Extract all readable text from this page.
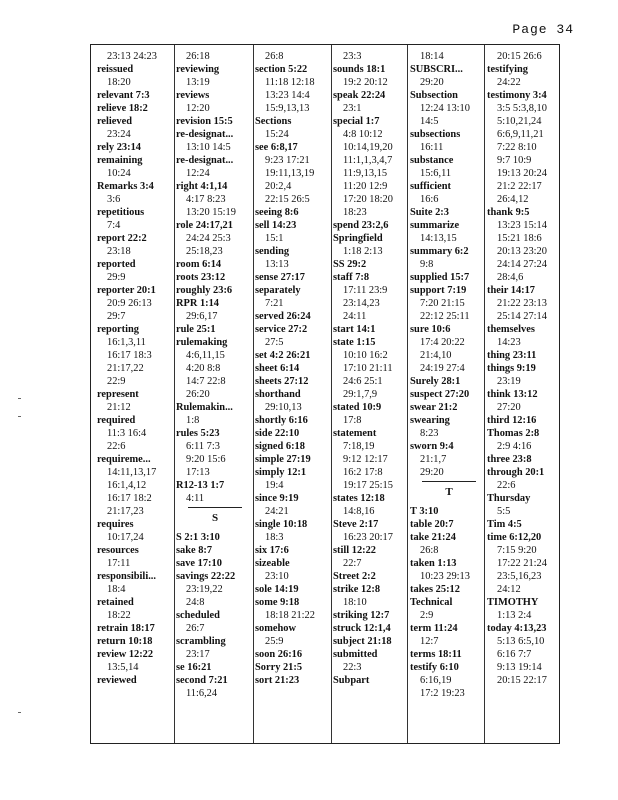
Page 34
23:13 24:23
reissued
18:20
relevant 7:3
relieve 18:2
relieved
23:24
rely 23:14
remaining
10:24
Remarks 3:4
3:6
repetitious
7:4
report 22:2
23:18
reported
29:9
reporter 20:1
20:9 26:13
29:7
reporting
16:1,3,11
16:17 18:3
21:17,22
22:9
represent
21:12
required
11:3 16:4
22:6
requireme...
14:11,13,17
16:1,4,12
16:17 18:2
21:17,23
requires
10:17,24
resources
17:11
responsibili...
18:4
retained
18:22
retrain 18:17
return 10:18
review 12:22
13:5,14
reviewed
26:18
reviewing
13:19
reviews
12:20
revision 15:5
re-designat...
13:10 14:5
re-designat...
12:24
right 4:1,14
4:17 8:23
13:20 15:19
role 24:17,21
24:24 25:3
25:18,23
room 6:14
roots 23:12
roughly 23:6
RPR 1:14
29:6,17
rule 25:1
rulemaking
4:6,11,15
4:20 8:8
14:7 22:8
26:20
Rulemakin...
1:8
rules 5:23
6:11 7:3
9:20 15:6
17:13
R12-13 1:7
4:11
S
S 2:1 3:10
sake 8:7
save 17:10
savings 22:22
23:19,22
24:8
scheduled
26:7
scrambling
23:17
se 16:21
second 7:21
11:6,24
26:8
section 5:22
11:18 12:18
13:23 14:4
15:9,13,13
Sections
15:24
see 6:8,17
9:23 17:21
19:11,13,19
20:2,4
22:15 26:5
seeing 8:6
sell 14:23
15:1
sending
13:13
sense 27:17
separately
7:21
served 26:24
service 27:2
27:5
set 4:2 26:21
sheet 6:14
sheets 27:12
shorthand
29:10,13
shortly 6:16
side 22:10
signed 6:18
simple 27:19
simply 12:1
19:4
since 9:19
24:21
single 10:18
18:3
six 17:6
sizeable
23:10
sole 14:19
some 9:18
18:18 21:22
somehow
25:9
soon 26:16
Sorry 21:5
sort 21:23
23:3
sounds 18:1
19:2 20:12
speak 22:24
23:1
special 1:7
4:8 10:12
10:14,19,20
11:1,1,3,4,7
11:9,13,15
11:20 12:9
17:20 18:20
18:23
spend 23:2,6
Springfield
1:18 2:13
SS 29:2
staff 7:8
17:11 23:9
23:14,23
24:11
start 14:1
state 1:15
10:10 16:2
17:10 21:11
24:6 25:1
29:1,7,9
stated 10:9
17:8
statement
7:18,19
9:12 12:17
16:2 17:8
19:17 25:15
states 12:18
14:8,16
Steve 2:17
16:23 20:17
still 12:22
22:7
Street 2:2
strike 12:8
18:10
striking 12:7
struck 12:1,4
subject 21:18
submitted
22:3
Subpart
18:14
SUBSCRI...
29:20
Subsection
12:24 13:10
14:5
subsections
16:11
substance
15:6,11
sufficient
16:6
Suite 2:3
summarize
14:13,15
summary 6:2
9:8
supplied 15:7
support 7:19
7:20 21:15
22:12 25:11
sure 10:6
17:4 20:22
21:4,10
24:19 27:4
Surely 28:1
suspect 27:20
swear 21:2
swearing
8:23
sworn 9:4
21:1,7
29:20
T
T 3:10
table 20:7
take 21:24
26:8
taken 1:13
10:23 29:13
takes 25:12
Technical
2:9
term 11:24
12:7
terms 18:11
testify 6:10
6:16,19
17:2 19:23
20:15 26:6
testifying
24:22
testimony 3:4
3:5 5:3,8,10
5:10,21,24
6:6,9,11,21
7:22 8:10
9:7 10:9
19:13 20:24
21:2 22:17
26:4,12
thank 9:5
13:23 15:14
15:21 18:6
20:13 23:20
24:14 27:24
28:4,6
their 14:17
21:22 23:13
25:14 27:14
themselves
14:23
thing 23:11
things 9:19
23:19
think 13:12
27:20
third 12:16
Thomas 2:8
2:9 4:16
three 23:8
through 20:1
22:6
Thursday
5:5
Tim 4:5
time 6:12,20
7:15 9:20
17:22 21:24
23:5,16,23
24:12
TIMOTHY
1:13 2:4
today 4:13,23
5:13 6:5,10
6:16 7:7
9:13 19:14
20:15 22:17
